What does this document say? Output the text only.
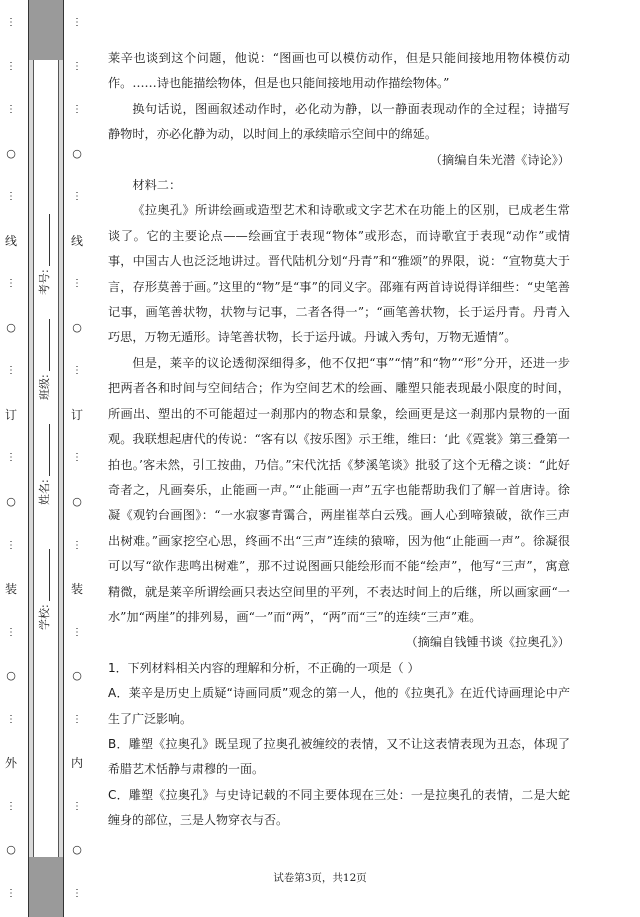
⋮
⋮
⋮
○
⋮
线
⋮
○
⋮
订
⋮
○
⋮
装
⋮
○
⋮
外
⋮
○
⋮
学校:
姓名:
班级:
考号:
⋮
⋮
⋮
○
⋮
线
⋮
○
⋮
订
⋮
○
⋮
装
⋮
○
⋮
内
⋮
○
⋮

莱辛也谈到这个问题，他说：“图画也可以模仿动作，但是只能间接地用物体模仿动作。……诗也能描绘物体，但是也只能间接地用动作描绘物体。”

换句话说，图画叙述动作时，必化动为静，以一静面表现动作的全过程；诗描写静物时，亦必化静为动，以时间上的承续暗示空间中的绵延。

（摘编自朱光潜《诗论》）

材料二：

《拉奥孔》所讲绘画或造型艺术和诗歌或文字艺术在功能上的区别，已成老生常谈了。它的主要论点——绘画宜于表现“物体”或形态，而诗歌宜于表现“动作”或情事，中国古人也泛泛地讲过。晋代陆机分划“丹青”和“雅颂”的界限，说：“宣物莫大于言，存形莫善于画。”这里的“物”是“事”的同义字。邵雍有两首诗说得详细些：“史笔善记事，画笔善状物，状物与记事，二者各得一”；“画笔善状物，长于运丹青。丹青入巧思，万物无遁形。诗笔善状物，长于运丹诚。丹诚入秀句，万物无遁情”。

但是，莱辛的议论透彻深细得多，他不仅把“事”“情”和“物”“形”分开，还进一步把两者各和时间与空间结合；作为空间艺术的绘画、雕塑只能表现最小限度的时间，所画出、塑出的不可能超过一刹那内的物态和景象，绘画更是这一刹那内景物的一面观。我联想起唐代的传说：“客有以《按乐图》示王维，维曰：‘此《霓裳》第三叠第一拍也。’客未然，引工按曲，乃信。”宋代沈括《梦溪笔谈》批驳了这个无稽之谈：“此好奇者之，凡画奏乐，止能画一声。”“止能画一声”五字也能帮助我们了解一首唐诗。徐凝《观钓台画图》：“一水寂寥青霭合，两崖崔萃白云残。画人心到啼猿破，欲作三声出树难。”画家挖空心思，终画不出“三声”连续的猿啼，因为他“止能画一声”。徐凝很可以写“欲作悲鸣出树难”，那不过说图画只能绘形而不能“绘声”，他写“三声”，寓意精微，就是莱辛所谓绘画只表达空间里的平列，不表达时间上的后继，所以画家画“一水”加“两崖”的排列易，画“一”而“两”，“两”而“三”的连续“三声”难。

（摘编自钱锺书谈《拉奥孔》）

1．下列材料相关内容的理解和分析，不正确的一项是（ ）

A．莱辛是历史上质疑“诗画同质”观念的第一人，他的《拉奥孔》在近代诗画理论中产生了广泛影响。

B．雕塑《拉奥孔》既呈现了拉奥孔被缠绞的表情，又不让这表情表现为丑态，体现了希腊艺术恬静与肃穆的一面。

C．雕塑《拉奥孔》与史诗记载的不同主要体现在三处：一是拉奥孔的表情，二是大蛇缠身的部位，三是人物穿衣与否。

试卷第3页，共12页
